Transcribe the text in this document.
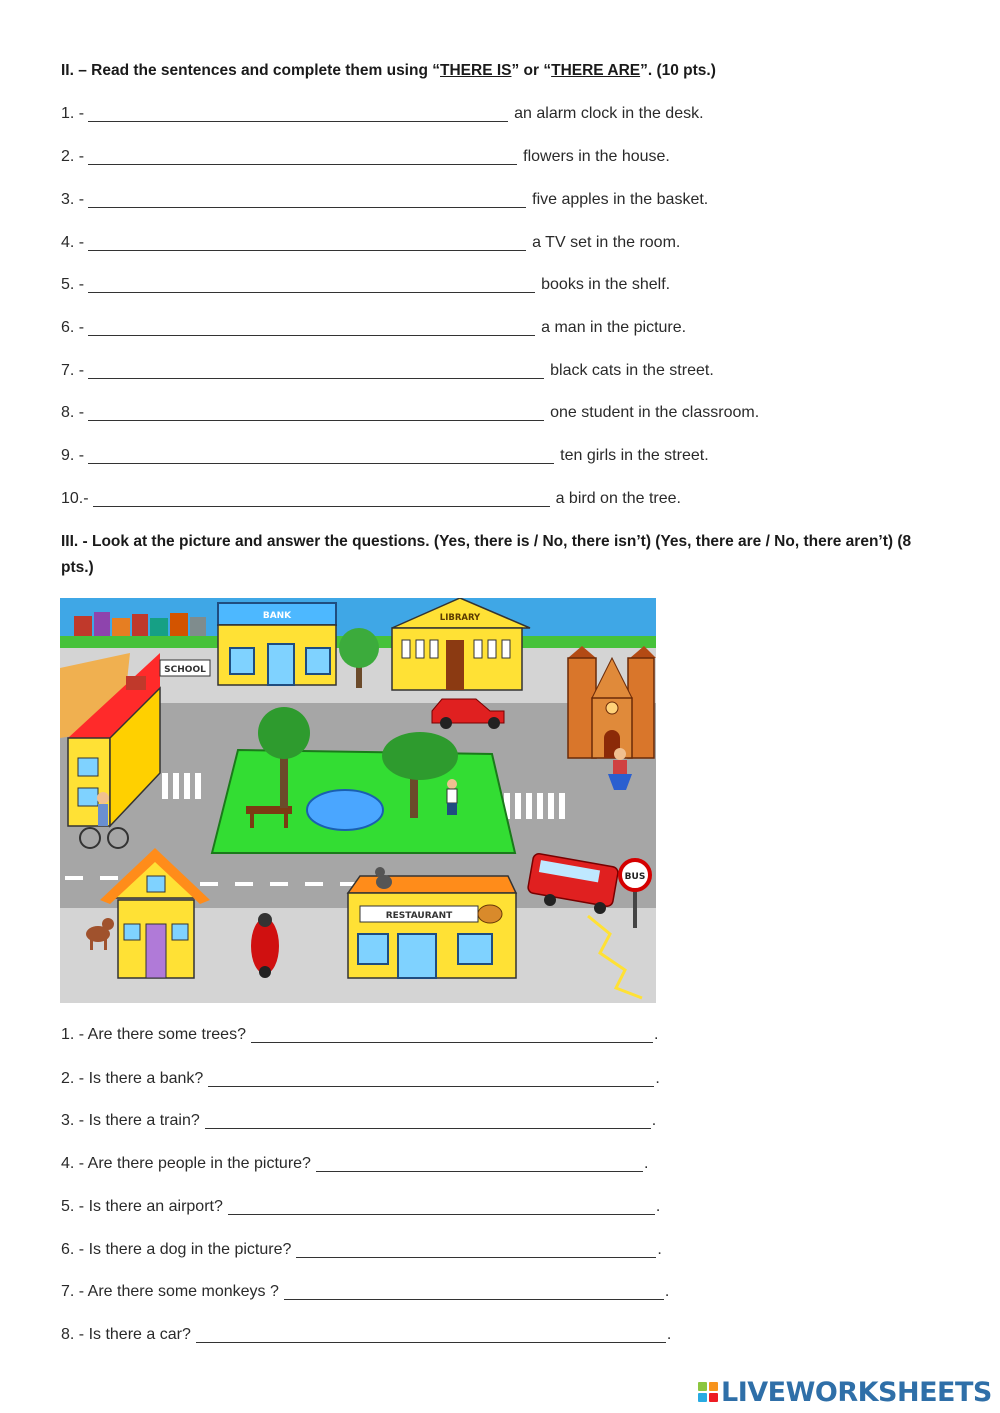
II. – Read the sentences and complete them using “THERE IS” or “THERE ARE”. (10 pts.)
1. -	an alarm clock in the desk.
2. -	flowers in the house.
3. -	five apples in the basket.
4. -	a TV set in the room.
5. -	books in the shelf.
6. -	a man in the picture.
7. -	black cats in the street.
8. -	one student in the classroom.
9. -	ten girls in the street.
10.-	a bird on the tree.
III. - Look at the picture and answer the questions. (Yes, there is / No, there isn’t) (Yes, there are / No, there aren’t) (8 pts.)
BANK	LIBRARY
SCHOOL
BUS
RESTAURANT
1. - Are there some trees?	.
2. - Is there a bank?	.
3. - Is there a train?	.
4. - Are there people in the picture?	.
5. - Is there an airport?	.
6. - Is there a dog in the picture?	.
7. - Are there some monkeys ?	.
8. - Is there a car?	.
LIVEWORKSHEETS
